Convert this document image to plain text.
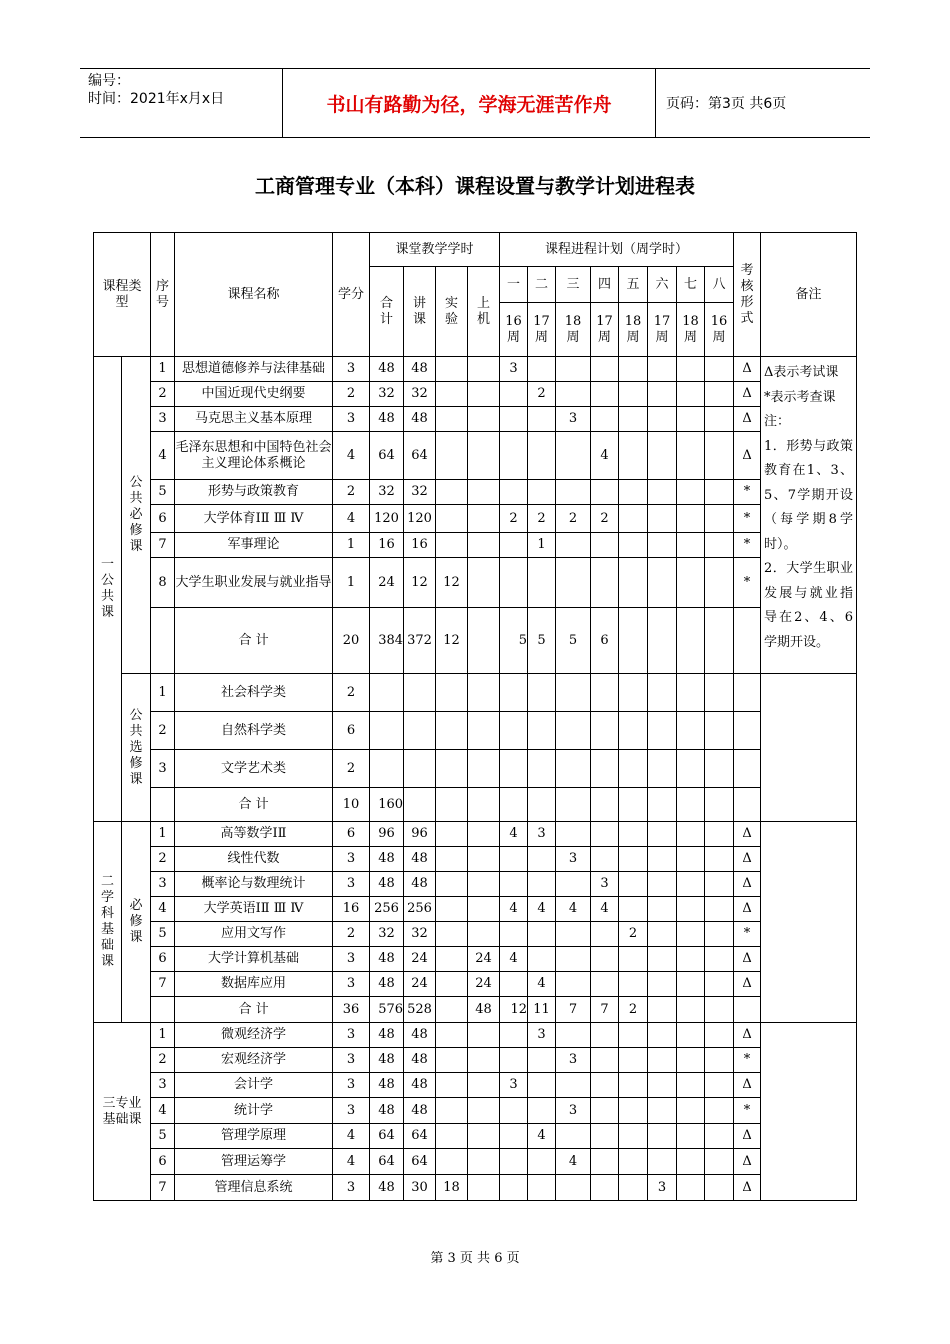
编号：
时间：2021年x月x日	书山有路勤为径，学海无涯苦作舟	页码：第3页 共6页
工商管理专业（本科）课程设置与教学计划进程表
课程类型		序号	课程名称	学分	课堂教学学时				课程进程计划（周学时）								考核形式	备注
					合计	讲课	实验	上机	一	二	三	四	五	六	七	八		
									16周	17周	18周	17周	18周	17周	18周	16周		
一公共课	公共必修课	1	思想道德修养与法律基础	3	48	48			3								Δ	Δ表示考试课

*表示考查课

注：

1．形势与政策教育在1、3、5、7学期开设（每学期8学时）。

2．大学生职业发展与就业指导在2、4、6学期开设。

		2	中国近现代史纲要	2	32	32				2							Δ	
		3	马克思主义基本原理	3	48	48					3						Δ	
		4	毛泽东思想和中国特色社会主义理论体系概论	4	64	64						4					Δ	
		5	形势与政策教育	2	32	32											*	
		6	大学体育ⅠⅡ Ⅲ Ⅳ	4	120	120			2	2	2	2					*	
		7	军事理论	1	16	16				1							*	
		8	大学生职业发展与就业指导	1	24	12	12										*	
			合 计	20	384	372	12		5	5	5	6						
	公共选修课	1	社会科学类	2														
		2	自然科学类	6														
		3	文学艺术类	2														
			合 计	10	160													
二学科基础课	必修课	1	高等数学ⅠⅡ	6	96	96			4	3							Δ	
		2	线性代数	3	48	48					3						Δ	
		3	概率论与数理统计	3	48	48						3					Δ	
		4	大学英语ⅠⅡ Ⅲ Ⅳ	16	256	256			4	4	4	4					Δ	
		5	应用文写作	2	32	32							2				*	
		6	大学计算机基础	3	48	24		24	4								Δ	
		7	数据库应用	3	48	24		24		4							Δ	
			合 计	36	576	528		48	12	11	7	7	2					
三专业基础课		1	微观经济学	3	48	48				3							Δ	
		2	宏观经济学	3	48	48					3						*	
		3	会计学	3	48	48			3								Δ	
		4	统计学	3	48	48					3						*	
		5	管理学原理	4	64	64				4							Δ	
		6	管理运筹学	4	64	64					4						Δ	
		7	管理信息系统	3	48	30	18							3			Δ	
第 3 页 共 6 页
